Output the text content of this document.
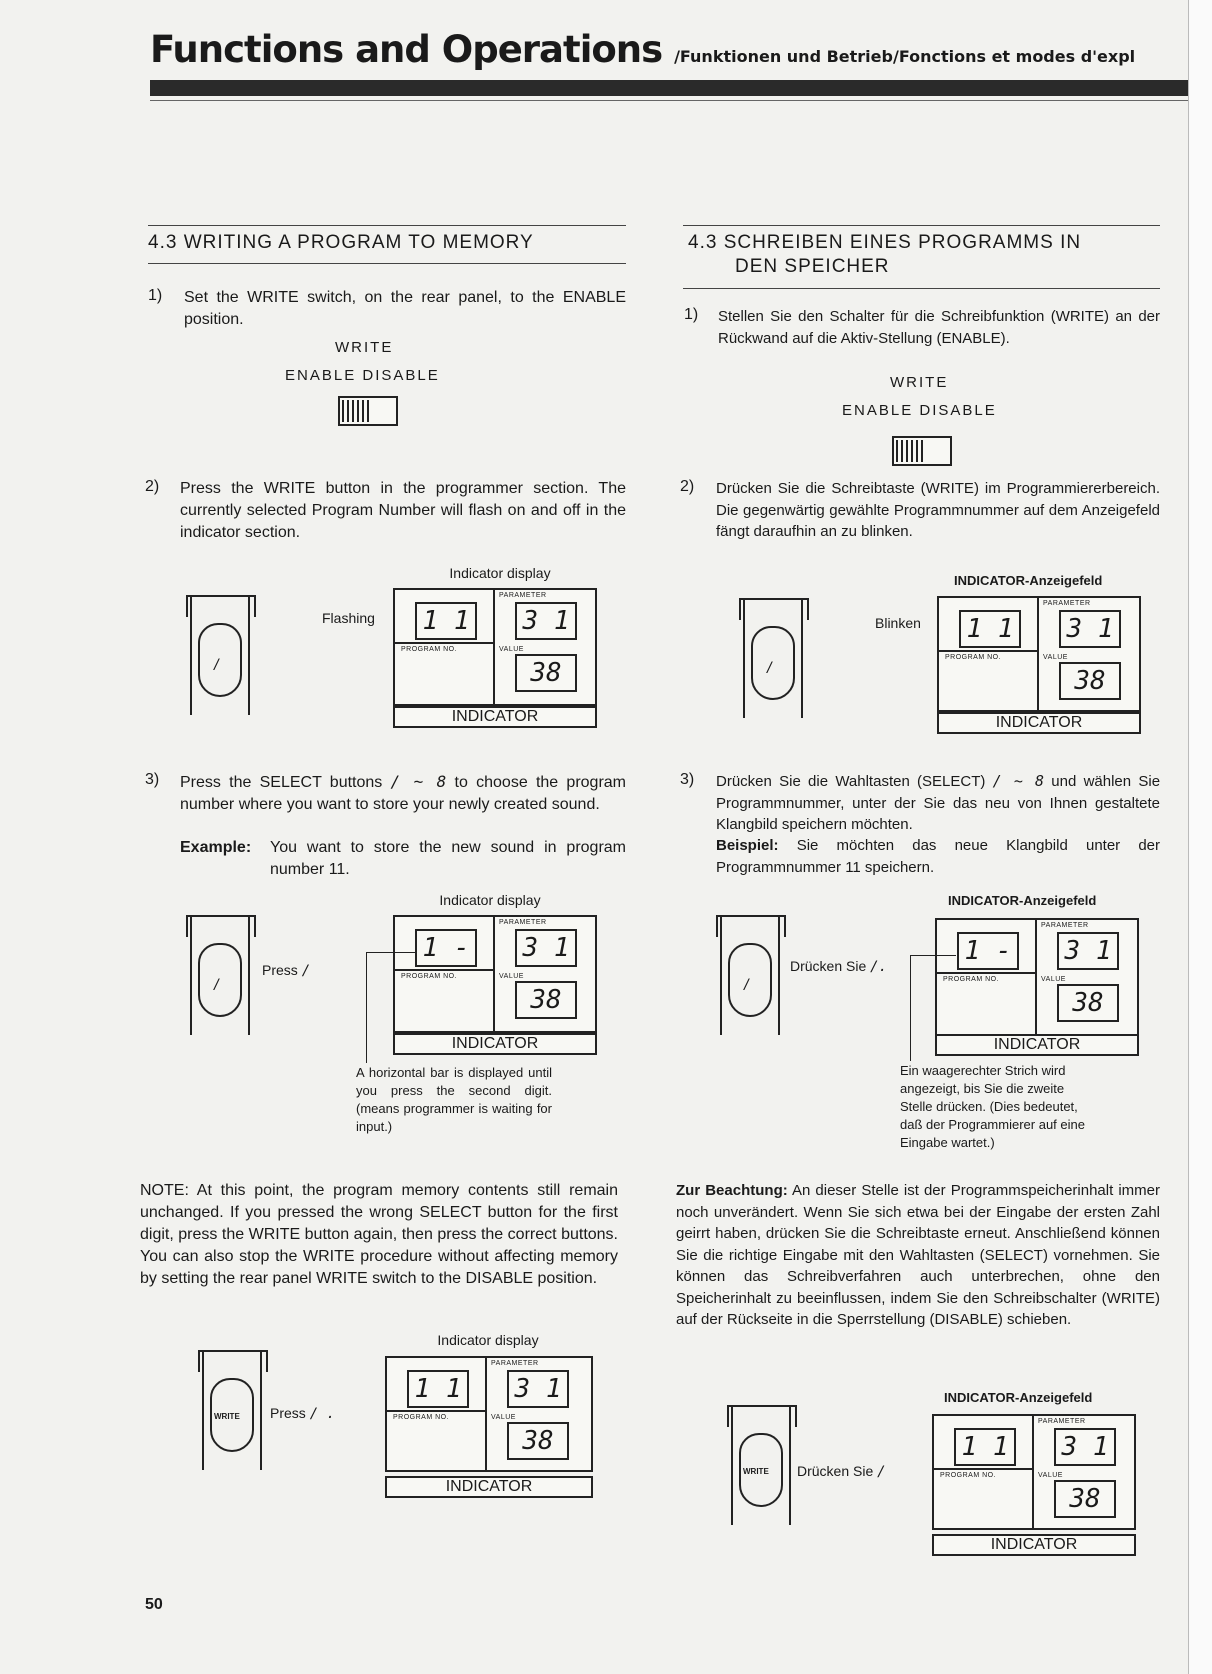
Functions and Operations /Funktionen und Betrieb/Fonctions et modes d'expl
4.3 WRITING A PROGRAM TO MEMORY
1) Set the WRITE switch, on the rear panel, to the ENABLE position.
WRITE
ENABLE DISABLE
2) Press the WRITE button in the programmer section. The currently selected Program Number will flash on and off in the indicator section.
Indicator display
/
Flashing
PARAMETER
PROGRAM NO.	VALUE
1 1 3 1
38
INDICATOR
3) Press the SELECT buttons / ~ 8 to choose the program number where you want to store your newly created sound.
Example: You want to store the new sound in program number 11.
Indicator display
/
Press /
PARAMETER
PROGRAM NO.	VALUE
1 - 3 1
38
INDICATOR
A horizontal bar is displayed until you press the second digit. (means programmer is waiting for input.)
NOTE: At this point, the program memory contents still remain unchanged. If you pressed the wrong SELECT button for the first digit, press the WRITE button again, then press the correct buttons. You can also stop the WRITE procedure without affecting memory by setting the rear panel WRITE switch to the DISABLE position.
Indicator display
WRITE Press / .
PARAMETER
PROGRAM NO.	VALUE
1 1 3 1
38
INDICATOR
4.3 SCHREIBEN EINES PROGRAMMS IN
DEN SPEICHER
1) Stellen Sie den Schalter für die Schreibfunktion (WRITE) an der Rückwand auf die Aktiv-Stellung (ENABLE).
WRITE
ENABLE DISABLE
2) Drücken Sie die Schreibtaste (WRITE) im Programmiererbereich. Die gegenwärtig gewählte Programmnummer auf dem Anzeigefeld fängt daraufhin an zu blinken.
INDICATOR-Anzeigefeld
/
Blinken
PARAMETER
PROGRAM NO.	VALUE
1 1 3 1
38
INDICATOR
3) Drücken Sie die Wahltasten (SELECT) / ~ 8 und wählen Sie Programmnummer, unter der Sie das neu von Ihnen gestaltete Klangbild speichern möchten.
Beispiel: Sie möchten das neue Klangbild unter der Programmnummer 11 speichern.
INDICATOR-Anzeigefeld
/
Drücken Sie /.
PARAMETER
PROGRAM NO.	VALUE
1 - 3 1
38
INDICATOR
Ein waagerechter Strich wird angezeigt, bis Sie die zweite Stelle drücken. (Dies bedeutet, daß der Programmierer auf eine Eingabe wartet.)
Zur Beachtung: An dieser Stelle ist der Programmspeicherinhalt immer noch unverändert. Wenn Sie sich etwa bei der Eingabe der ersten Zahl geirrt haben, drücken Sie die Schreibtaste erneut. Anschließend können Sie die richtige Eingabe mit den Wahltasten (SELECT) vornehmen. Sie können das Schreibverfahren auch unterbrechen, ohne den Speicherinhalt zu beeinflussen, indem Sie den Schreibschalter (WRITE) auf der Rückseite in die Sperrstellung (DISABLE) schieben.
INDICATOR-Anzeigefeld
WRITE Drücken Sie /
PARAMETER
PROGRAM NO.	VALUE
1 1 3 1
38
INDICATOR
50
